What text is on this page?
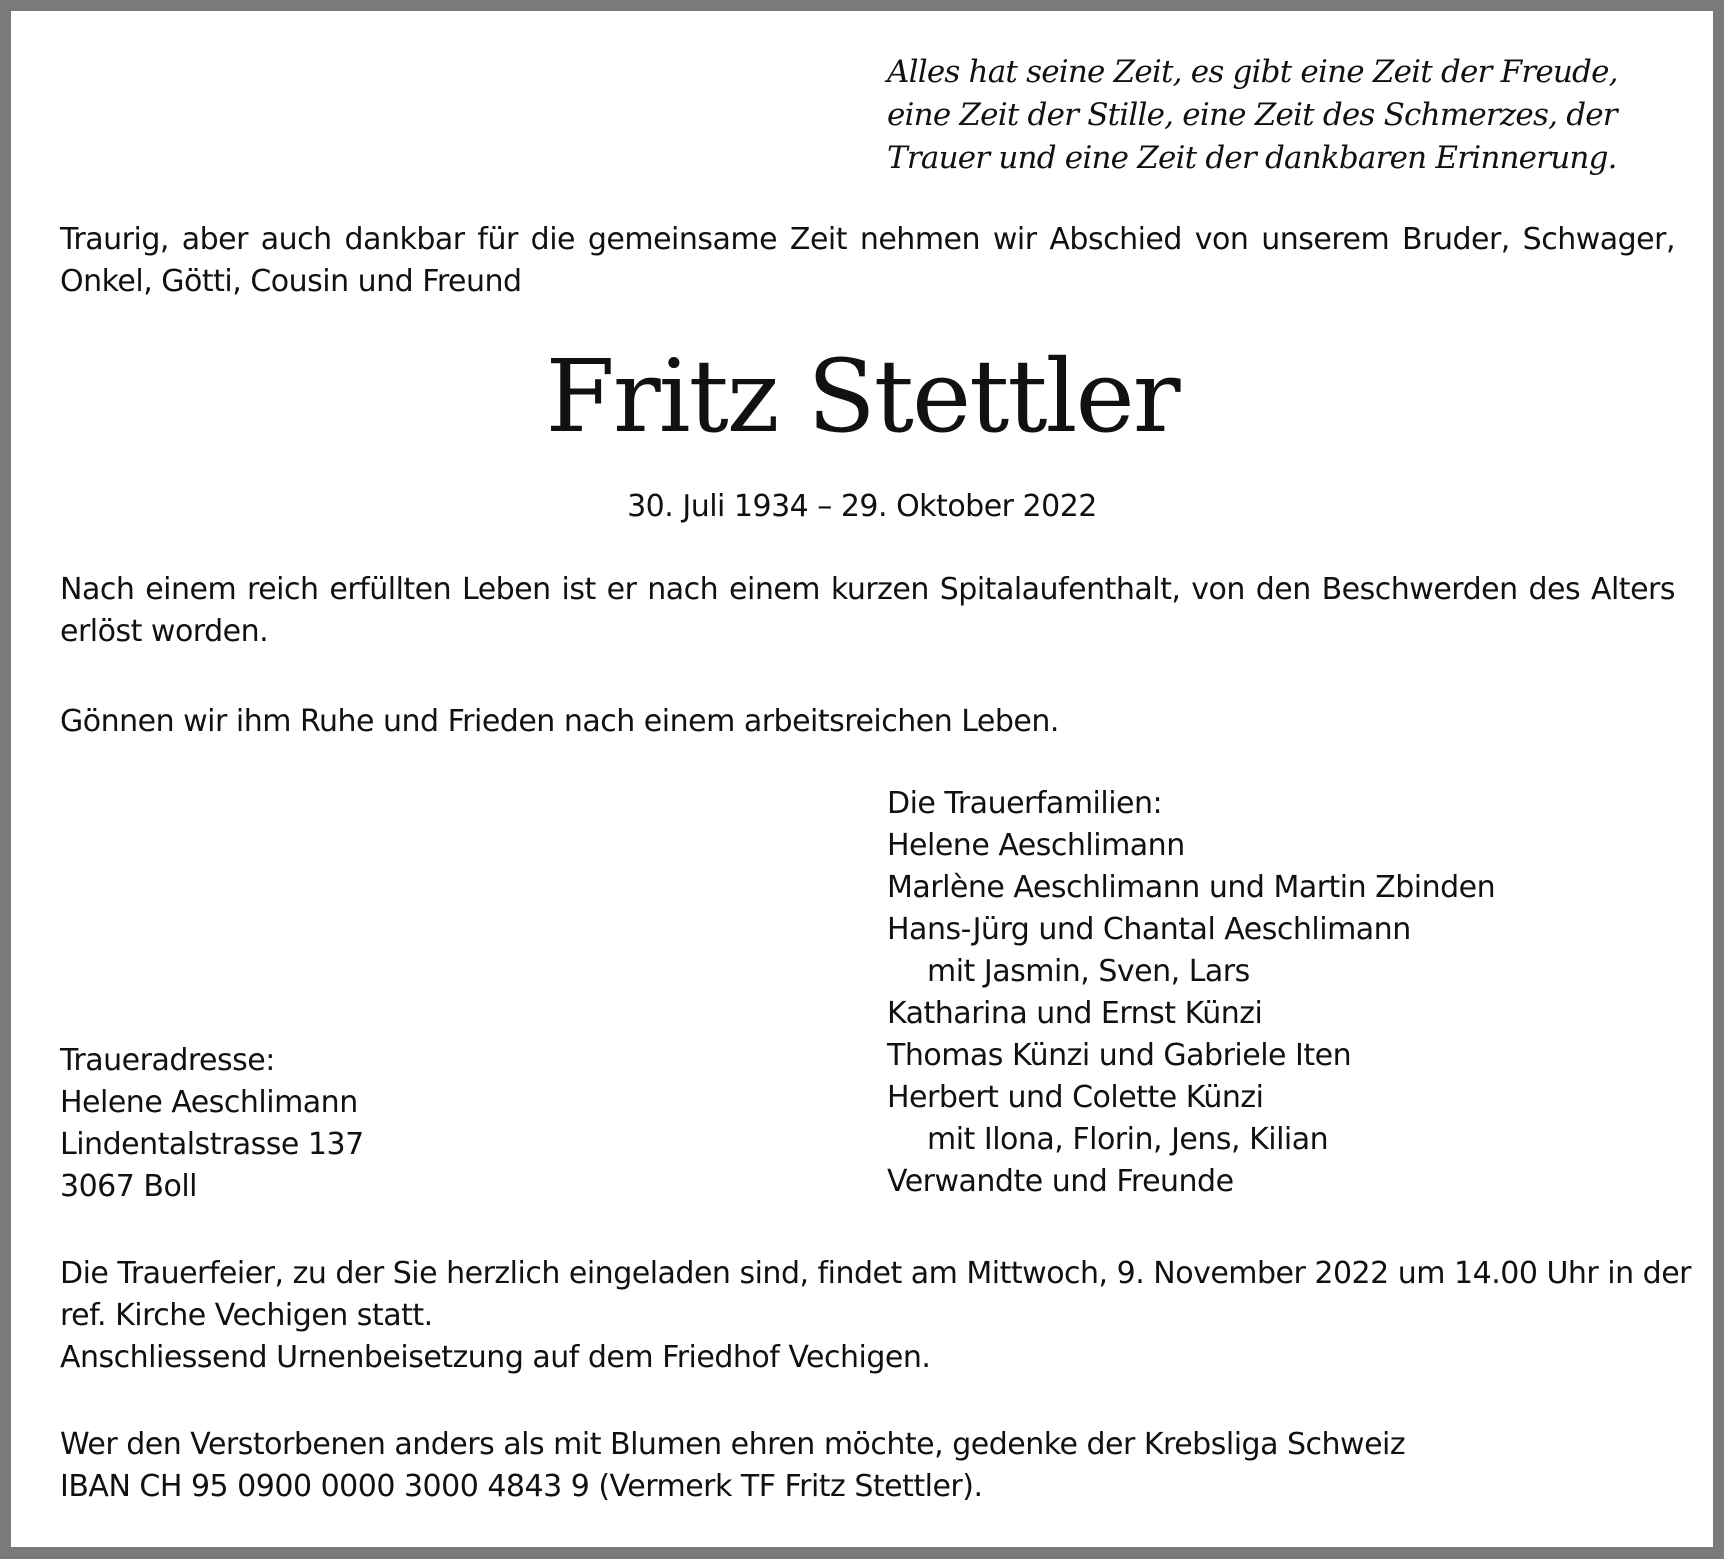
Alles hat seine Zeit, es gibt eine Zeit der Freude,
eine Zeit der Stille, eine Zeit des Schmerzes, der
Trauer und eine Zeit der dankbaren Erinnerung.
Traurig, aber auch dankbar für die gemeinsame Zeit nehmen wir Abschied von unserem Bruder, Schwager, Onkel, Götti, Cousin und Freund
Fritz Stettler
30. Juli 1934 – 29. Oktober 2022
Nach einem reich erfüllten Leben ist er nach einem kurzen Spitalaufenthalt, von den Beschwerden des Alters erlöst worden.
Gönnen wir ihm Ruhe und Frieden nach einem arbeitsreichen Leben.
Die Trauerfamilien:
Helene Aeschlimann
Marlène Aeschlimann und Martin Zbinden
Hans-Jürg und Chantal Aeschlimann
mit Jasmin, Sven, Lars
Katharina und Ernst Künzi
Thomas Künzi und Gabriele Iten
Herbert und Colette Künzi
mit Ilona, Florin, Jens, Kilian
Verwandte und Freunde
Traueradresse:
Helene Aeschlimann
Lindentalstrasse 137
3067 Boll
Die Trauerfeier, zu der Sie herzlich eingeladen sind, findet am Mittwoch, 9. November 2022 um 14.00 Uhr in der
ref. Kirche Vechigen statt.
Anschliessend Urnenbeisetzung auf dem Friedhof Vechigen.
Wer den Verstorbenen anders als mit Blumen ehren möchte, gedenke der Krebsliga Schweiz
IBAN CH 95 0900 0000 3000 4843 9 (Vermerk TF Fritz Stettler).
